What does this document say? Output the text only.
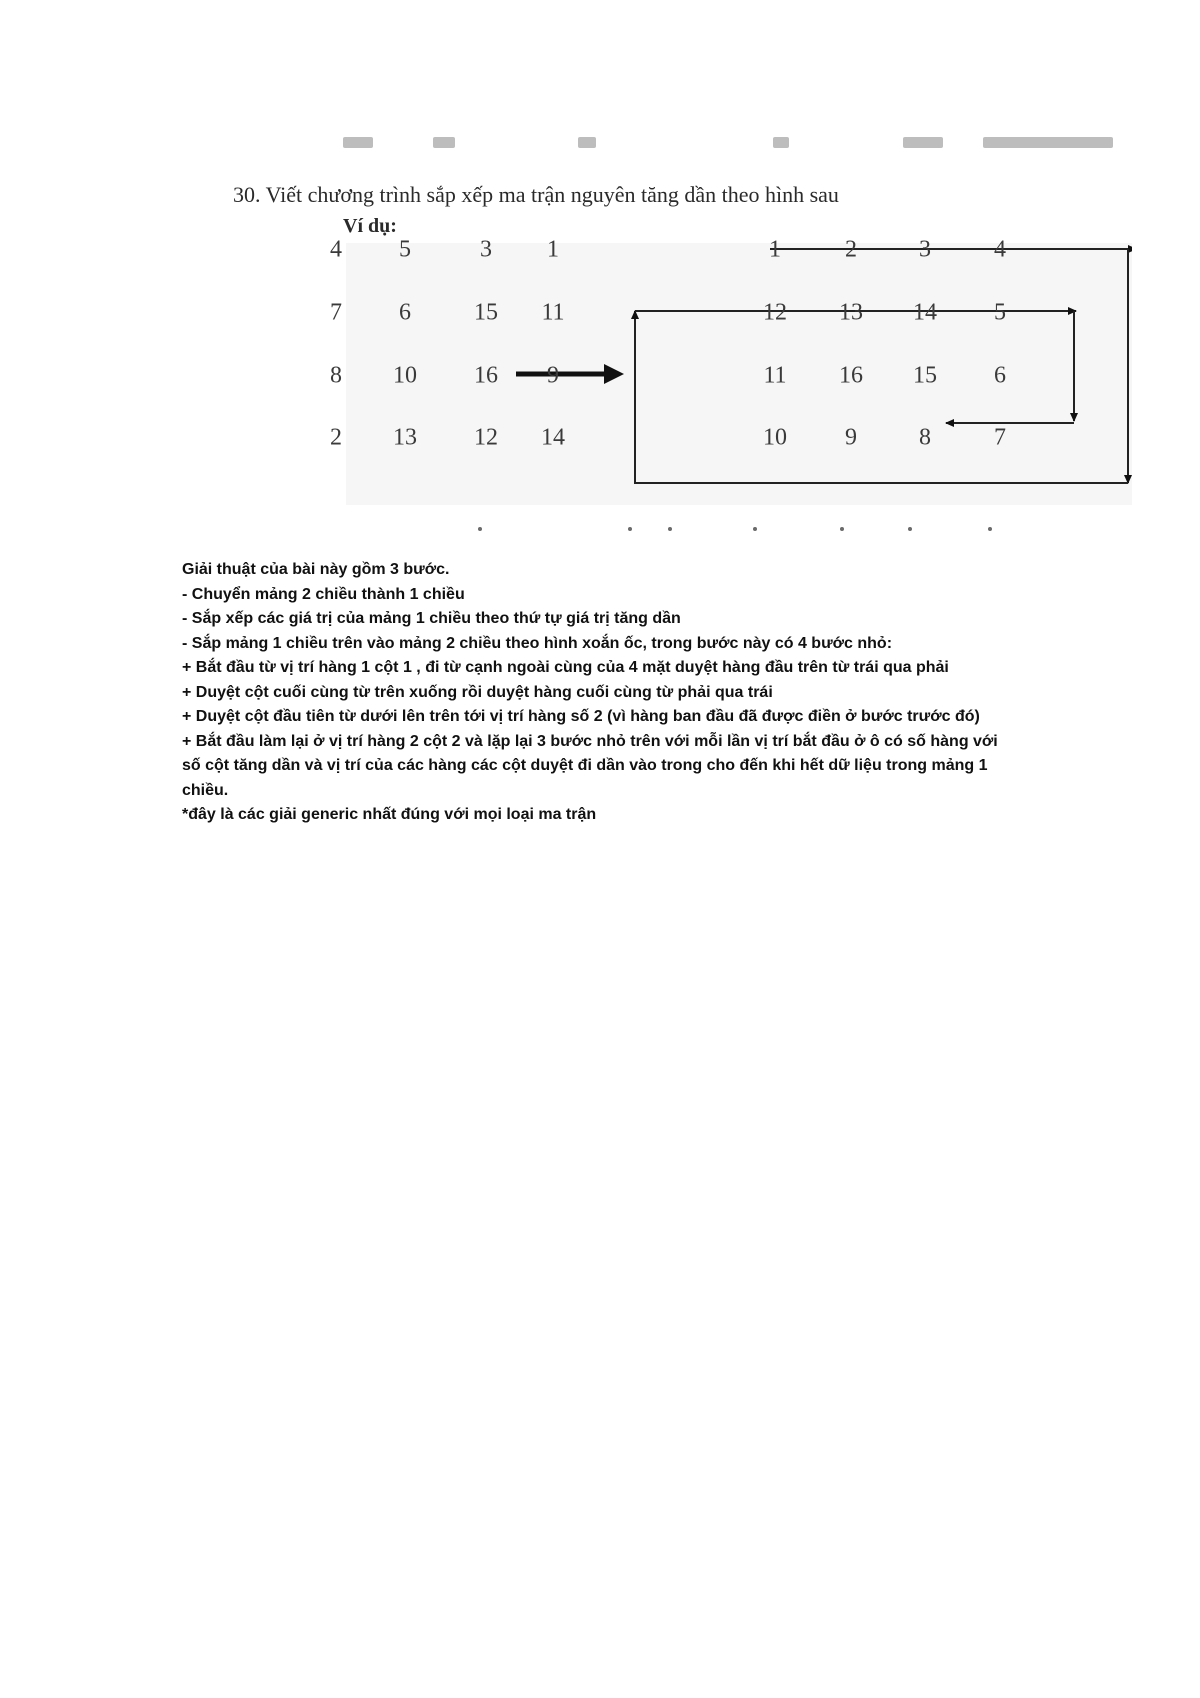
30. Viết chương trình sắp xếp ma trận nguyên tăng dần theo hình sau

Ví dụ:

4 5	3 1
7 6	15 11
8 10 16 9
2 13 12 14
1	2	3	4
12 13 14 5
11 16 15 6
10 9	8	7
Giải thuật của bài này gồm 3 bước.
- Chuyển mảng 2 chiều thành 1 chiều
- Sắp xếp các giá trị của mảng 1 chiều theo thứ tự giá trị tăng dần
- Sắp mảng 1 chiều trên vào mảng 2 chiều theo hình xoắn ốc, trong bước này có 4 bước nhỏ:
+ Bắt đầu từ vị trí hàng 1 cột 1 , đi từ cạnh ngoài cùng của 4 mặt duyệt hàng đầu trên từ trái qua phải
+ Duyệt cột cuối cùng từ trên xuống rồi duyệt hàng cuối cùng từ phải qua trái
+ Duyệt cột đầu tiên từ dưới lên trên tới vị trí hàng số 2 (vì hàng ban đầu đã được điền ở bước trước đó)
+ Bắt đầu làm lại ở vị trí hàng 2 cột 2 và lặp lại 3 bước nhỏ trên với mỗi lần vị trí bắt đầu ở ô có số hàng với số cột tăng dần và vị trí của các hàng các cột duyệt đi dần vào trong cho đến khi hết dữ liệu trong mảng 1 chiều.
*đây là các giải generic nhất đúng với mọi loại ma trận
